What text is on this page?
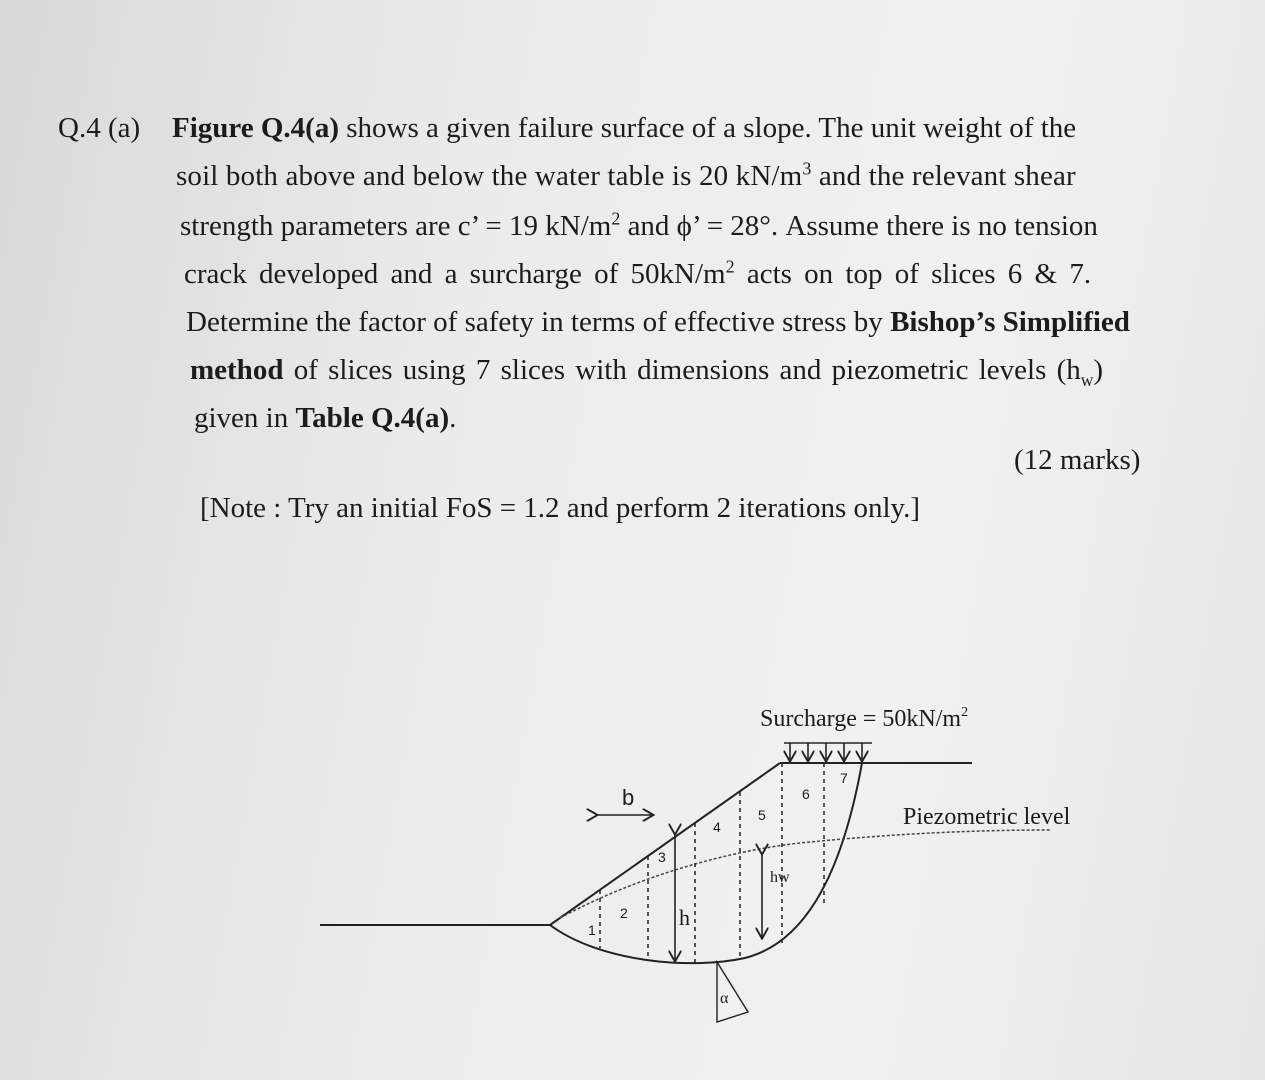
Q.4 (a) Figure Q.4(a) shows a given failure surface of a slope. The unit weight of the
soil both above and below the water table is 20 $kN/m^3$ and the relevant shear
strength parameters are c’ = 19 $kN/m^2$ and ϕ’ = 28°. Assume there is no tension
crack developed and a surcharge of $50kN/m^2$ acts on top of slices 6 & 7.
Determine the factor of safety in terms of effective stress by Bishop’s Simplified
method of slices using 7 slices with dimensions and piezometric levels $(h_w)$
given in Table Q.4(a).
(12 marks)
[Note : Try an initial FoS = 1.2 and perform 2 iterations only.]
Surcharge = $50kN/m^2$
Piezometric level
b
h
hw
α
1
2
3
4
5
6
7
